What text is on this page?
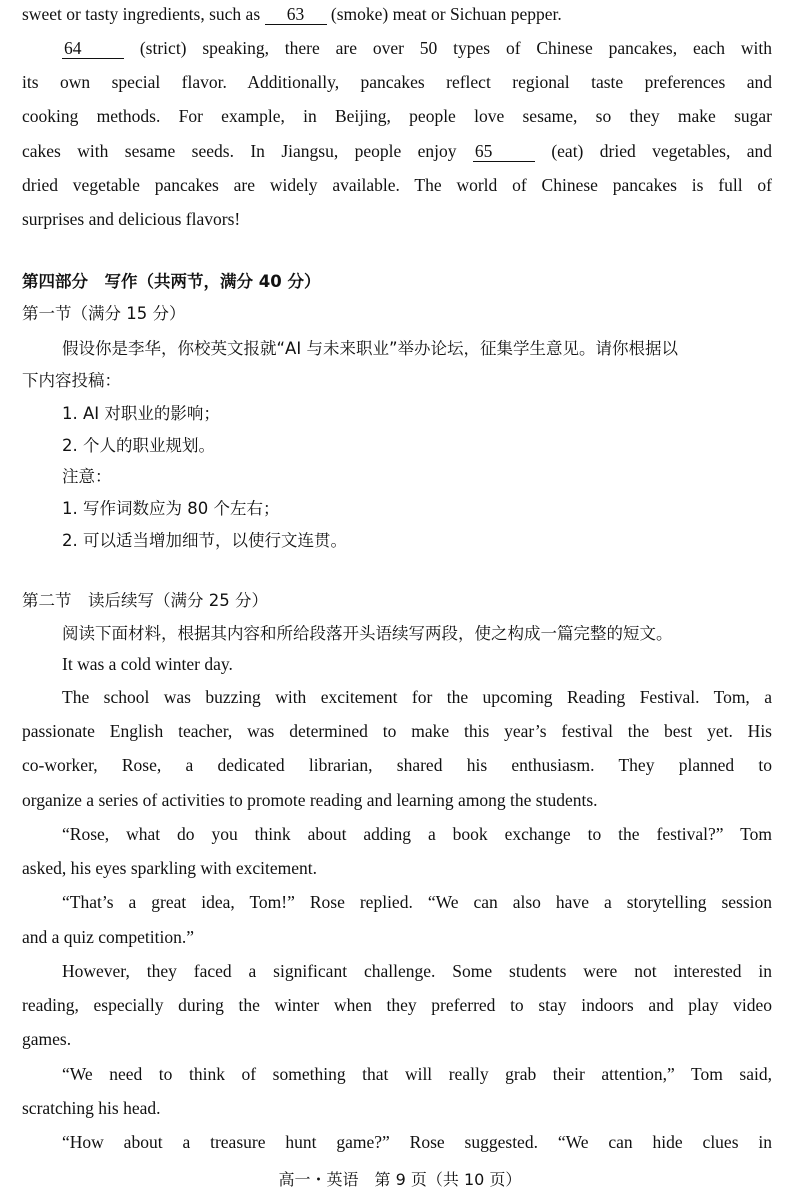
sweet or tasty ingredients, such as 63 (smoke) meat or Sichuan pepper.
64	(strict) speaking, there are over 50 types of Chinese pancakes, each with
its own special flavor. Additionally, pancakes reflect regional taste preferences and
cooking methods. For example, in Beijing, people love sesame, so they make sugar
cakes with sesame seeds. In Jiangsu, people enjoy 65	(eat) dried vegetables, and
dried vegetable pancakes are widely available. The world of Chinese pancakes is full of
surprises and delicious flavors!
第四部分　写作（共两节，满分 40 分）
第一节（满分 15 分）
假设你是李华，你校英文报就“AI 与未来职业”举办论坛，征集学生意见。请你根据以
下内容投稿：
1. AI 对职业的影响；
2. 个人的职业规划。
注意：
1. 写作词数应为 80 个左右；
2. 可以适当增加细节，以使行文连贯。
第二节　读后续写（满分 25 分）
阅读下面材料，根据其内容和所给段落开头语续写两段，使之构成一篇完整的短文。
It was a cold winter day.
The school was buzzing with excitement for the upcoming Reading Festival. Tom, a
passionate English teacher, was determined to make this year’s festival the best yet. His
co-worker, Rose, a dedicated librarian, shared his enthusiasm. They planned to
organize a series of activities to promote reading and learning among the students.
“Rose, what do you think about adding a book exchange to the festival?” Tom
asked, his eyes sparkling with excitement.
“That’s a great idea, Tom!” Rose replied. “We can also have a storytelling session
and a quiz competition.”
However, they faced a significant challenge. Some students were not interested in
reading, especially during the winter when they preferred to stay indoors and play video
games.
“We need to think of something that will really grab their attention,” Tom said,
scratching his head.
“How about a treasure hunt game?” Rose suggested. “We can hide clues in
高一・英语　第 9 页（共 10 页）
